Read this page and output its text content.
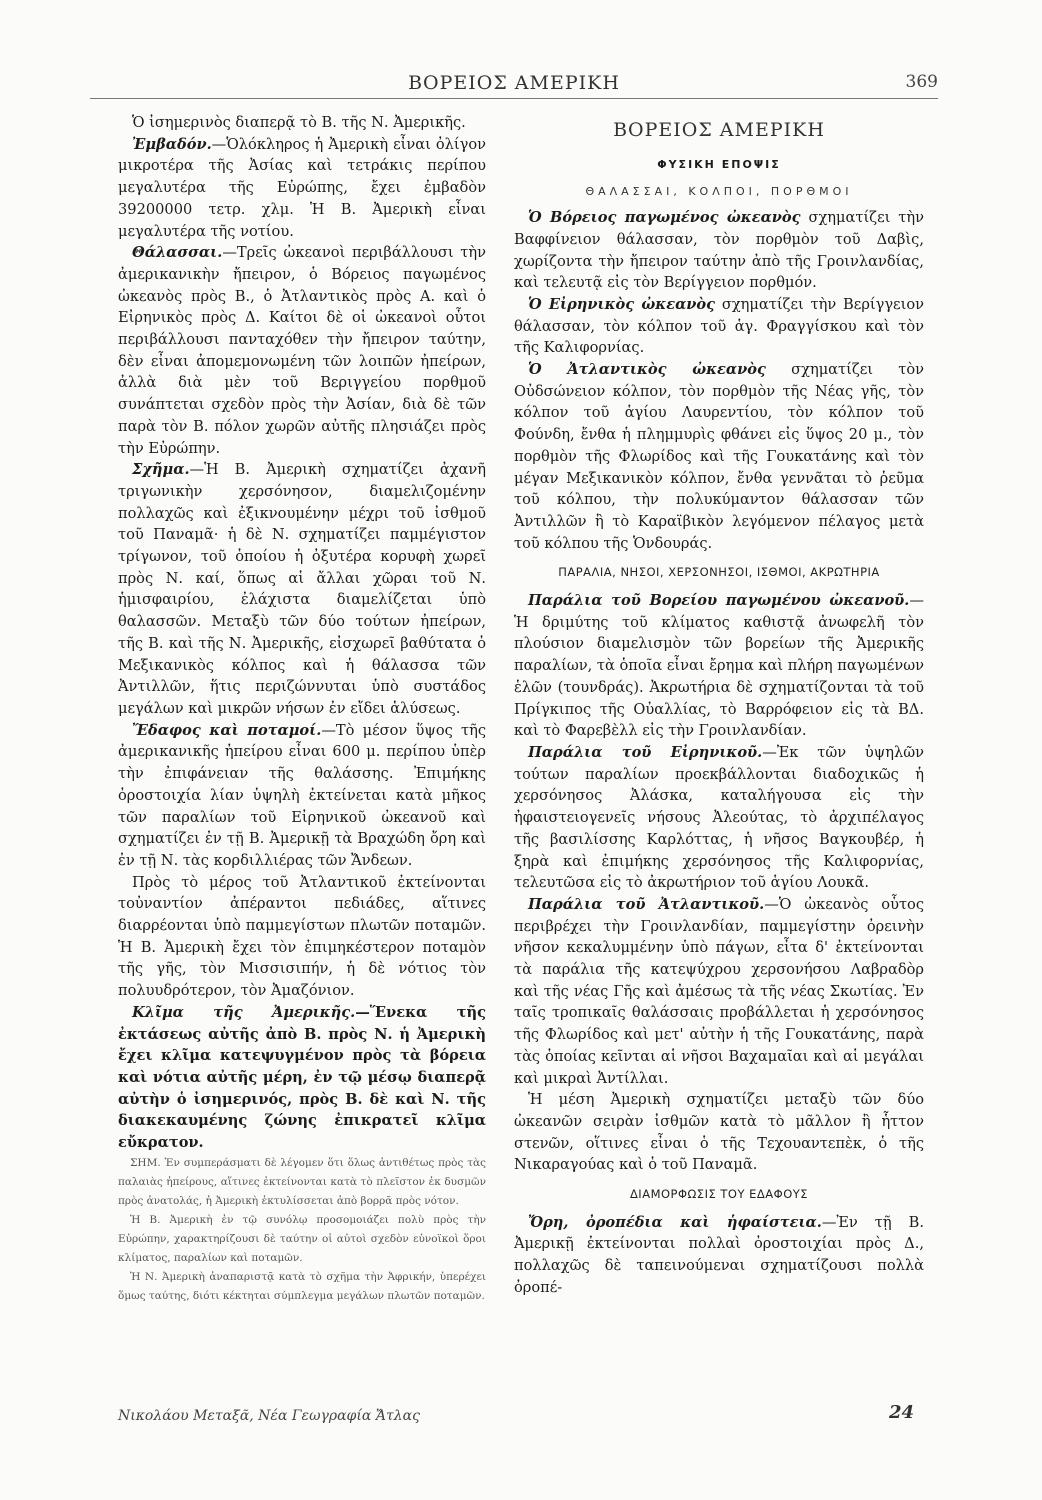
ΒΟΡΕΙΟΣ ΑΜΕΡΙΚΗ	369

Ὁ ἰσημερινὸς διαπερᾷ τὸ Β. τῆς Ν. Ἀμερικῆς.

Ἐμβαδόν.—Ὁλόκληρος ἡ Ἀμερικὴ εἶναι ὀλίγον μικροτέρα τῆς Ἀσίας καὶ τετράκις περίπου μεγαλυτέρα τῆς Εὐρώπης, ἔχει ἐμβαδὸν 39200000 τετρ. χλμ. Ἡ Β. Ἀμερικὴ εἶναι μεγαλυτέρα τῆς νοτίου.

Θάλασσαι.—Τρεῖς ὠκεανοὶ περιβάλλουσι τὴν ἀμερικανικὴν ἤπειρον, ὁ Βόρειος παγωμένος ὠκεανὸς πρὸς Β., ὁ Ἀτλαντικὸς πρὸς Α. καὶ ὁ Εἰρηνικὸς πρὸς Δ. Καίτοι δὲ οἱ ὠκεανοὶ οὗτοι περιβάλλουσι πανταχόθεν τὴν ἤπειρον ταύτην, δὲν εἶναι ἀπομεμονωμένη τῶν λοιπῶν ἠπείρων, ἀλλὰ διὰ μὲν τοῦ Βεριγγείου πορθμοῦ συνάπτεται σχεδὸν πρὸς τὴν Ἀσίαν, διὰ δὲ τῶν παρὰ τὸν Β. πόλον χωρῶν αὐτῆς πλησιάζει πρὸς τὴν Εὐρώπην.

Σχῆμα.—Ἡ Β. Ἀμερικὴ σχηματίζει ἀχανῆ τριγωνικὴν χερσόνησον, διαμελιζομένην πολλαχῶς καὶ ἐξικνουμένην μέχρι τοῦ ἰσθμοῦ τοῦ Παναμᾶ· ἡ δὲ Ν. σχηματίζει παμμέγιστον τρίγωνον, τοῦ ὁποίου ἡ ὀξυτέρα κορυφὴ χωρεῖ πρὸς Ν. καί, ὅπως αἱ ἄλλαι χῶραι τοῦ Ν. ἡμισφαιρίου, ἐλάχιστα διαμελίζεται ὑπὸ θαλασσῶν. Μεταξὺ τῶν δύο τούτων ἠπείρων, τῆς Β. καὶ τῆς Ν. Ἀμερικῆς, εἰσχωρεῖ βαθύτατα ὁ Μεξικανικὸς κόλπος καὶ ἡ θάλασσα τῶν Ἀντιλλῶν, ἥτις περιζώννυται ὑπὸ συστάδος μεγάλων καὶ μικρῶν νήσων ἐν εἴδει ἁλύσεως.

Ἔδαφος καὶ ποταμοί.—Τὸ μέσον ὕψος τῆς ἀμερικανικῆς ἠπείρου εἶναι 600 μ. περίπου ὑπὲρ τὴν ἐπιφάνειαν τῆς θαλάσσης. Ἐπιμήκης ὀροστοιχία λίαν ὑψηλὴ ἐκτείνεται κατὰ μῆκος τῶν παραλίων τοῦ Εἰρηνικοῦ ὠκεανοῦ καὶ σχηματίζει ἐν τῇ Β. Ἀμερικῇ τὰ Βραχώδη ὄρη καὶ ἐν τῇ Ν. τὰς κορδιλλιέρας τῶν Ἄνδεων.

Πρὸς τὸ μέρος τοῦ Ἀτλαντικοῦ ἐκτείνονται τοὐναντίον ἀπέραντοι πεδιάδες, αἵτινες διαρρέονται ὑπὸ παμμεγίστων πλωτῶν ποταμῶν. Ἡ Β. Ἀμερικὴ ἔχει τὸν ἐπιμηκέστερον ποταμὸν τῆς γῆς, τὸν Μισσισιπήν, ἡ δὲ νότιος τὸν πολυυδρότερον, τὸν Ἀμαζόνιον.

Κλῖμα τῆς Ἀμερικῆς.—Ἕνεκα τῆς ἐκτάσεως αὐτῆς ἀπὸ Β. πρὸς Ν. ἡ Ἀμερικὴ ἔχει κλῖμα κατεψυγμένον πρὸς τὰ βόρεια καὶ νότια αὐτῆς μέρη, ἐν τῷ μέσῳ διαπερᾷ αὐτὴν ὁ ἰσημερινός, πρὸς Β. δὲ καὶ Ν. τῆς διακεκαυμένης ζώνης ἐπικρατεῖ κλῖμα εὔκρατον.

ΣΗΜ. Ἐν συμπεράσματι δὲ λέγομεν ὅτι ὅλως ἀντιθέτως πρὸς τὰς παλαιὰς ἠπείρους, αἵτινες ἐκτείνονται κατὰ τὸ πλεῖστον ἐκ δυσμῶν πρὸς ἀνατολάς, ἡ Ἀμερικὴ ἐκτυλίσσεται ἀπὸ βορρᾶ πρὸς νότον.

Ἡ Β. Ἀμερικὴ ἐν τῷ συνόλῳ προσομοιάζει πολὺ πρὸς τὴν Εὐρώπην, χαρακτηρίζουσι δὲ ταύτην οἱ αὐτοὶ σχεδὸν εὐνοϊκοὶ ὅροι κλίματος, παραλίων καὶ ποταμῶν.

Ἡ Ν. Ἀμερικὴ ἀναπαριστᾷ κατὰ τὸ σχῆμα τὴν Ἀφρικήν, ὑπερέχει ὅμως ταύτης, διότι κέκτηται σύμπλεγμα μεγάλων πλωτῶν ποταμῶν.

ΒΟΡΕΙΟΣ ΑΜΕΡΙΚΗ
ΦΥΣΙΚΗ ΕΠΟΨΙΣ
ΘΑΛΑΣΣΑΙ, ΚΟΛΠΟΙ, ΠΟΡΘΜΟΙ

Ὁ Βόρειος παγωμένος ὠκεανὸς σχηματίζει τὴν Βαφφίνειον θάλασσαν, τὸν πορθμὸν τοῦ Δαβὶς, χωρίζοντα τὴν ἤπειρον ταύτην ἀπὸ τῆς Γροινλανδίας, καὶ τελευτᾷ εἰς τὸν Βερίγγειον πορθμόν.

Ὁ Εἰρηνικὸς ὠκεανὸς σχηματίζει τὴν Βερίγγειον θάλασσαν, τὸν κόλπον τοῦ ἁγ. Φραγγίσκου καὶ τὸν τῆς Καλιφορνίας.

Ὁ Ἀτλαντικὸς ὠκεανὸς σχηματίζει τὸν Οὐδσώνειον κόλπον, τὸν πορθμὸν τῆς Νέας γῆς, τὸν κόλπον τοῦ ἁγίου Λαυρεντίου, τὸν κόλπον τοῦ Φούνδη, ἔνθα ἡ πλημμυρὶς φθάνει εἰς ὕψος 20 μ., τὸν πορθμὸν τῆς Φλωρίδος καὶ τῆς Γουκατάνης καὶ τὸν μέγαν Μεξικανικὸν κόλπον, ἔνθα γεννᾶται τὸ ῥεῦμα τοῦ κόλπου, τὴν πολυκύμαντον θάλασσαν τῶν Ἀντιλλῶν ἢ τὸ Καραϊβικὸν λεγόμενον πέλαγος μετὰ τοῦ κόλπου τῆς Ὁνδουράς.

ΠΑΡΑΛΙΑ, ΝΗΣΟΙ, ΧΕΡΣΟΝΗΣΟΙ, ΙΣΘΜΟΙ, ΑΚΡΩΤΗΡΙΑ

Παράλια τοῦ Βορείου παγωμένου ὠκεανοῦ.—Ἡ δριμύτης τοῦ κλίματος καθιστᾷ ἀνωφελῆ τὸν πλούσιον διαμελισμὸν τῶν βορείων τῆς Ἀμερικῆς παραλίων, τὰ ὁποῖα εἶναι ἔρημα καὶ πλήρη παγωμένων ἑλῶν (τουνδράς). Ἀκρωτήρια δὲ σχηματίζονται τὰ τοῦ Πρίγκιπος τῆς Οὐαλλίας, τὸ Βαρρόφειον εἰς τὰ ΒΔ. καὶ τὸ Φαρεβὲλλ εἰς τὴν Γροινλανδίαν.

Παράλια τοῦ Εἰρηνικοῦ.—Ἐκ τῶν ὑψηλῶν τούτων παραλίων προεκβάλλονται διαδοχικῶς ἡ χερσόνησος Ἀλάσκα, καταλήγουσα εἰς τὴν ἠφαιστειογενεῖς νήσους Ἀλεούτας, τὸ ἀρχιπέλαγος τῆς βασιλίσσης Καρλόττας, ἡ νῆσος Βαγκουβέρ, ἡ ξηρὰ καὶ ἐπιμήκης χερσόνησος τῆς Καλιφορνίας, τελευτῶσα εἰς τὸ ἀκρωτήριον τοῦ ἁγίου Λουκᾶ.

Παράλια τοῦ Ἀτλαντικοῦ.—Ὁ ὠκεανὸς οὗτος περιβρέχει τὴν Γροινλανδίαν, παμμεγίστην ὀρεινὴν νῆσον κεκαλυμμένην ὑπὸ πάγων, εἶτα δ' ἐκτείνονται τὰ παράλια τῆς κατεψύχρου χερσονήσου Λαβραδὸρ καὶ τῆς νέας Γῆς καὶ ἀμέσως τὰ τῆς νέας Σκωτίας. Ἐν ταῖς τροπικαῖς θαλάσσαις προβάλλεται ἡ χερσόνησος τῆς Φλωρίδος καὶ μετ' αὐτὴν ἡ τῆς Γουκατάνης, παρὰ τὰς ὁποίας κεῖνται αἱ νῆσοι Βαχαμαῖαι καὶ αἱ μεγάλαι καὶ μικραὶ Ἀντίλλαι.

Ἡ μέση Ἀμερικὴ σχηματίζει μεταξὺ τῶν δύο ὠκεανῶν σειρὰν ἰσθμῶν κατὰ τὸ μᾶλλον ἢ ἧττον στενῶν, οἵτινες εἶναι ὁ τῆς Τεχουαντεπὲκ, ὁ τῆς Νικαραγούας καὶ ὁ τοῦ Παναμᾶ.

ΔΙΑΜΟΡΦΩΣΙΣ ΤΟΥ ΕΔΑΦΟΥΣ

Ὄρη, ὀροπέδια καὶ ἡφαίστεια.—Ἐν τῇ Β. Ἀμερικῇ ἐκτείνονται πολλαὶ ὀροστοιχίαι πρὸς Δ., πολλαχῶς δὲ ταπεινούμεναι σχηματίζουσι πολλὰ ὀροπέ-

Νικολάου Μεταξᾶ, Νέα Γεωγραφία Ἄτλας	24
